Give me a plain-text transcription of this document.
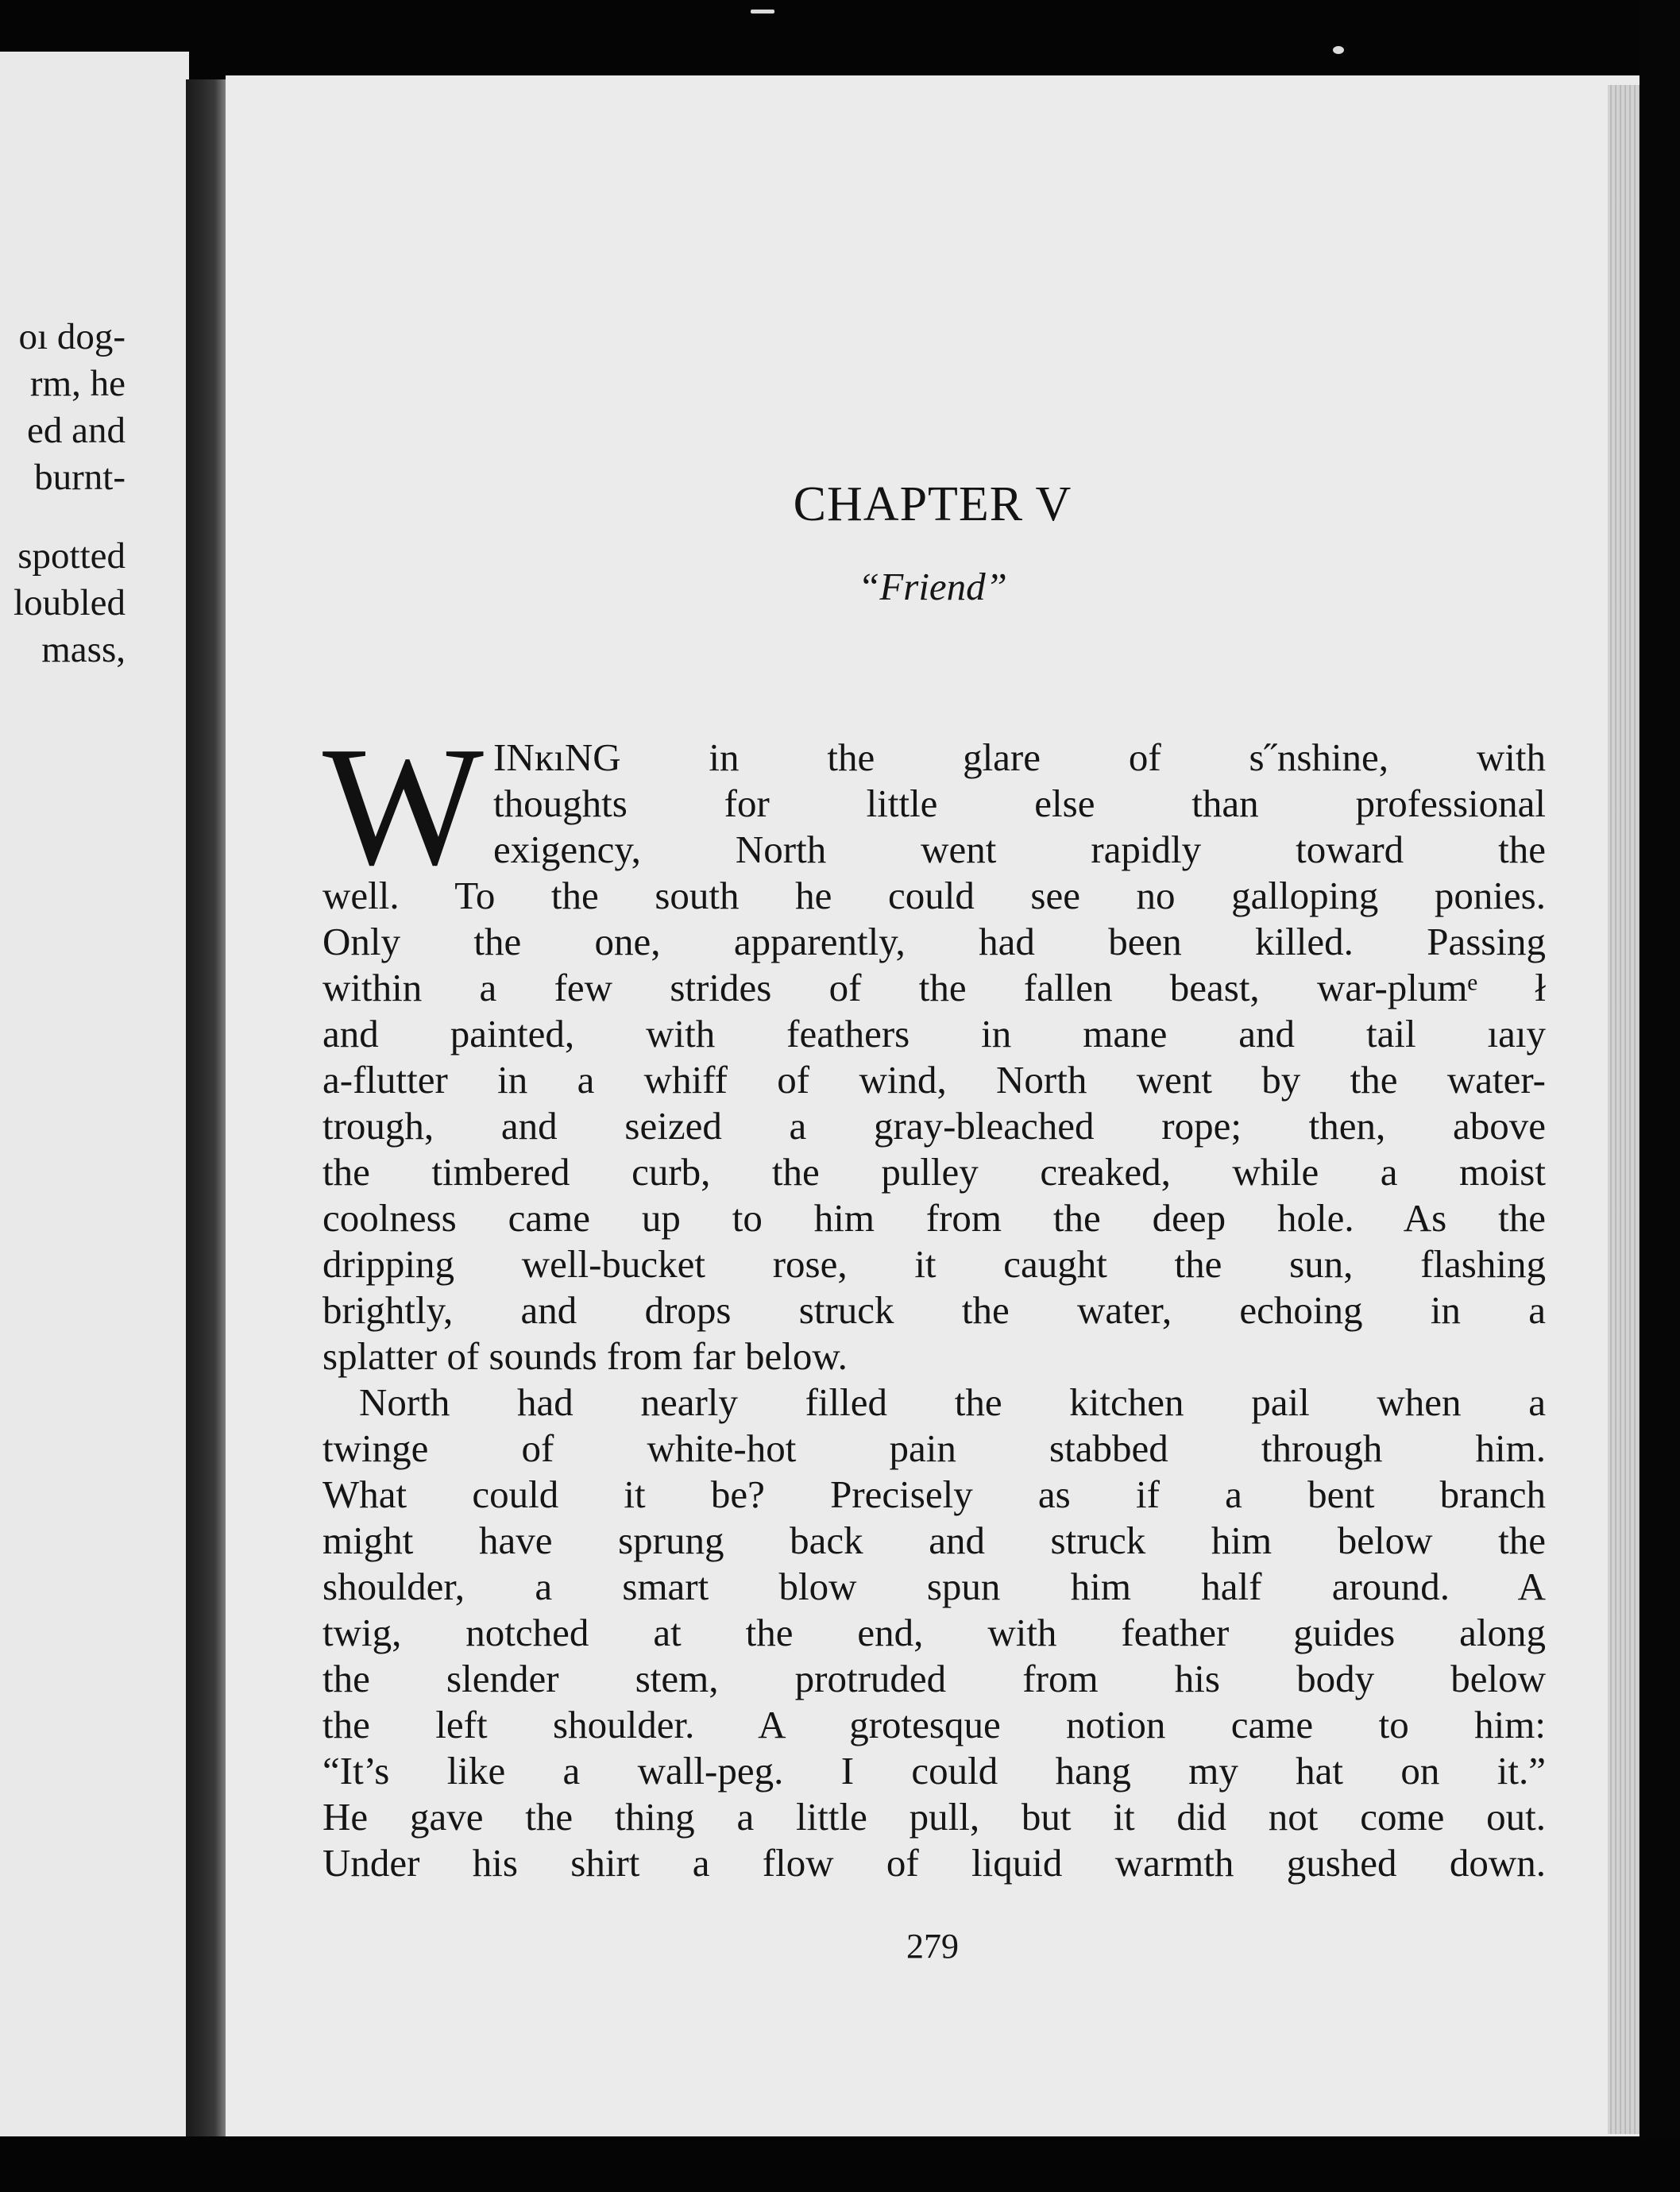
oı dog-
rm, he
ed and
burnt-
spotted
loubled
mass,
CHAPTER V
“Friend”
W INĸıNG in the glare of s˝nshine, with
thoughts for little else than professional
exigency, North went rapidly toward the
well. To the south he could see no galloping ponies.
Only the one, apparently, had been killed. Passing
within a few strides of the fallen beast, war-plumᵉ ł
and painted, with feathers in mane and tail ıaıy
a-flutter in a whiff of wind, North went by the water-
trough, and seized a gray-bleached rope; then, above
the timbered curb, the pulley creaked, while a moist
coolness came up to him from the deep hole. As the
dripping well-bucket rose, it caught the sun, flashing
brightly, and drops struck the water, echoing in a
splatter of sounds from far below.
North had nearly filled the kitchen pail when a
twinge of white-hot pain stabbed through him.
What could it be? Precisely as if a bent branch
might have sprung back and struck him below the
shoulder, a smart blow spun him half around. A
twig, notched at the end, with feather guides along
the slender stem, protruded from his body below
the left shoulder. A grotesque notion came to him:
“It’s like a wall-peg. I could hang my hat on it.”
He gave the thing a little pull, but it did not come out.
Under his shirt a flow of liquid warmth gushed down.
279
